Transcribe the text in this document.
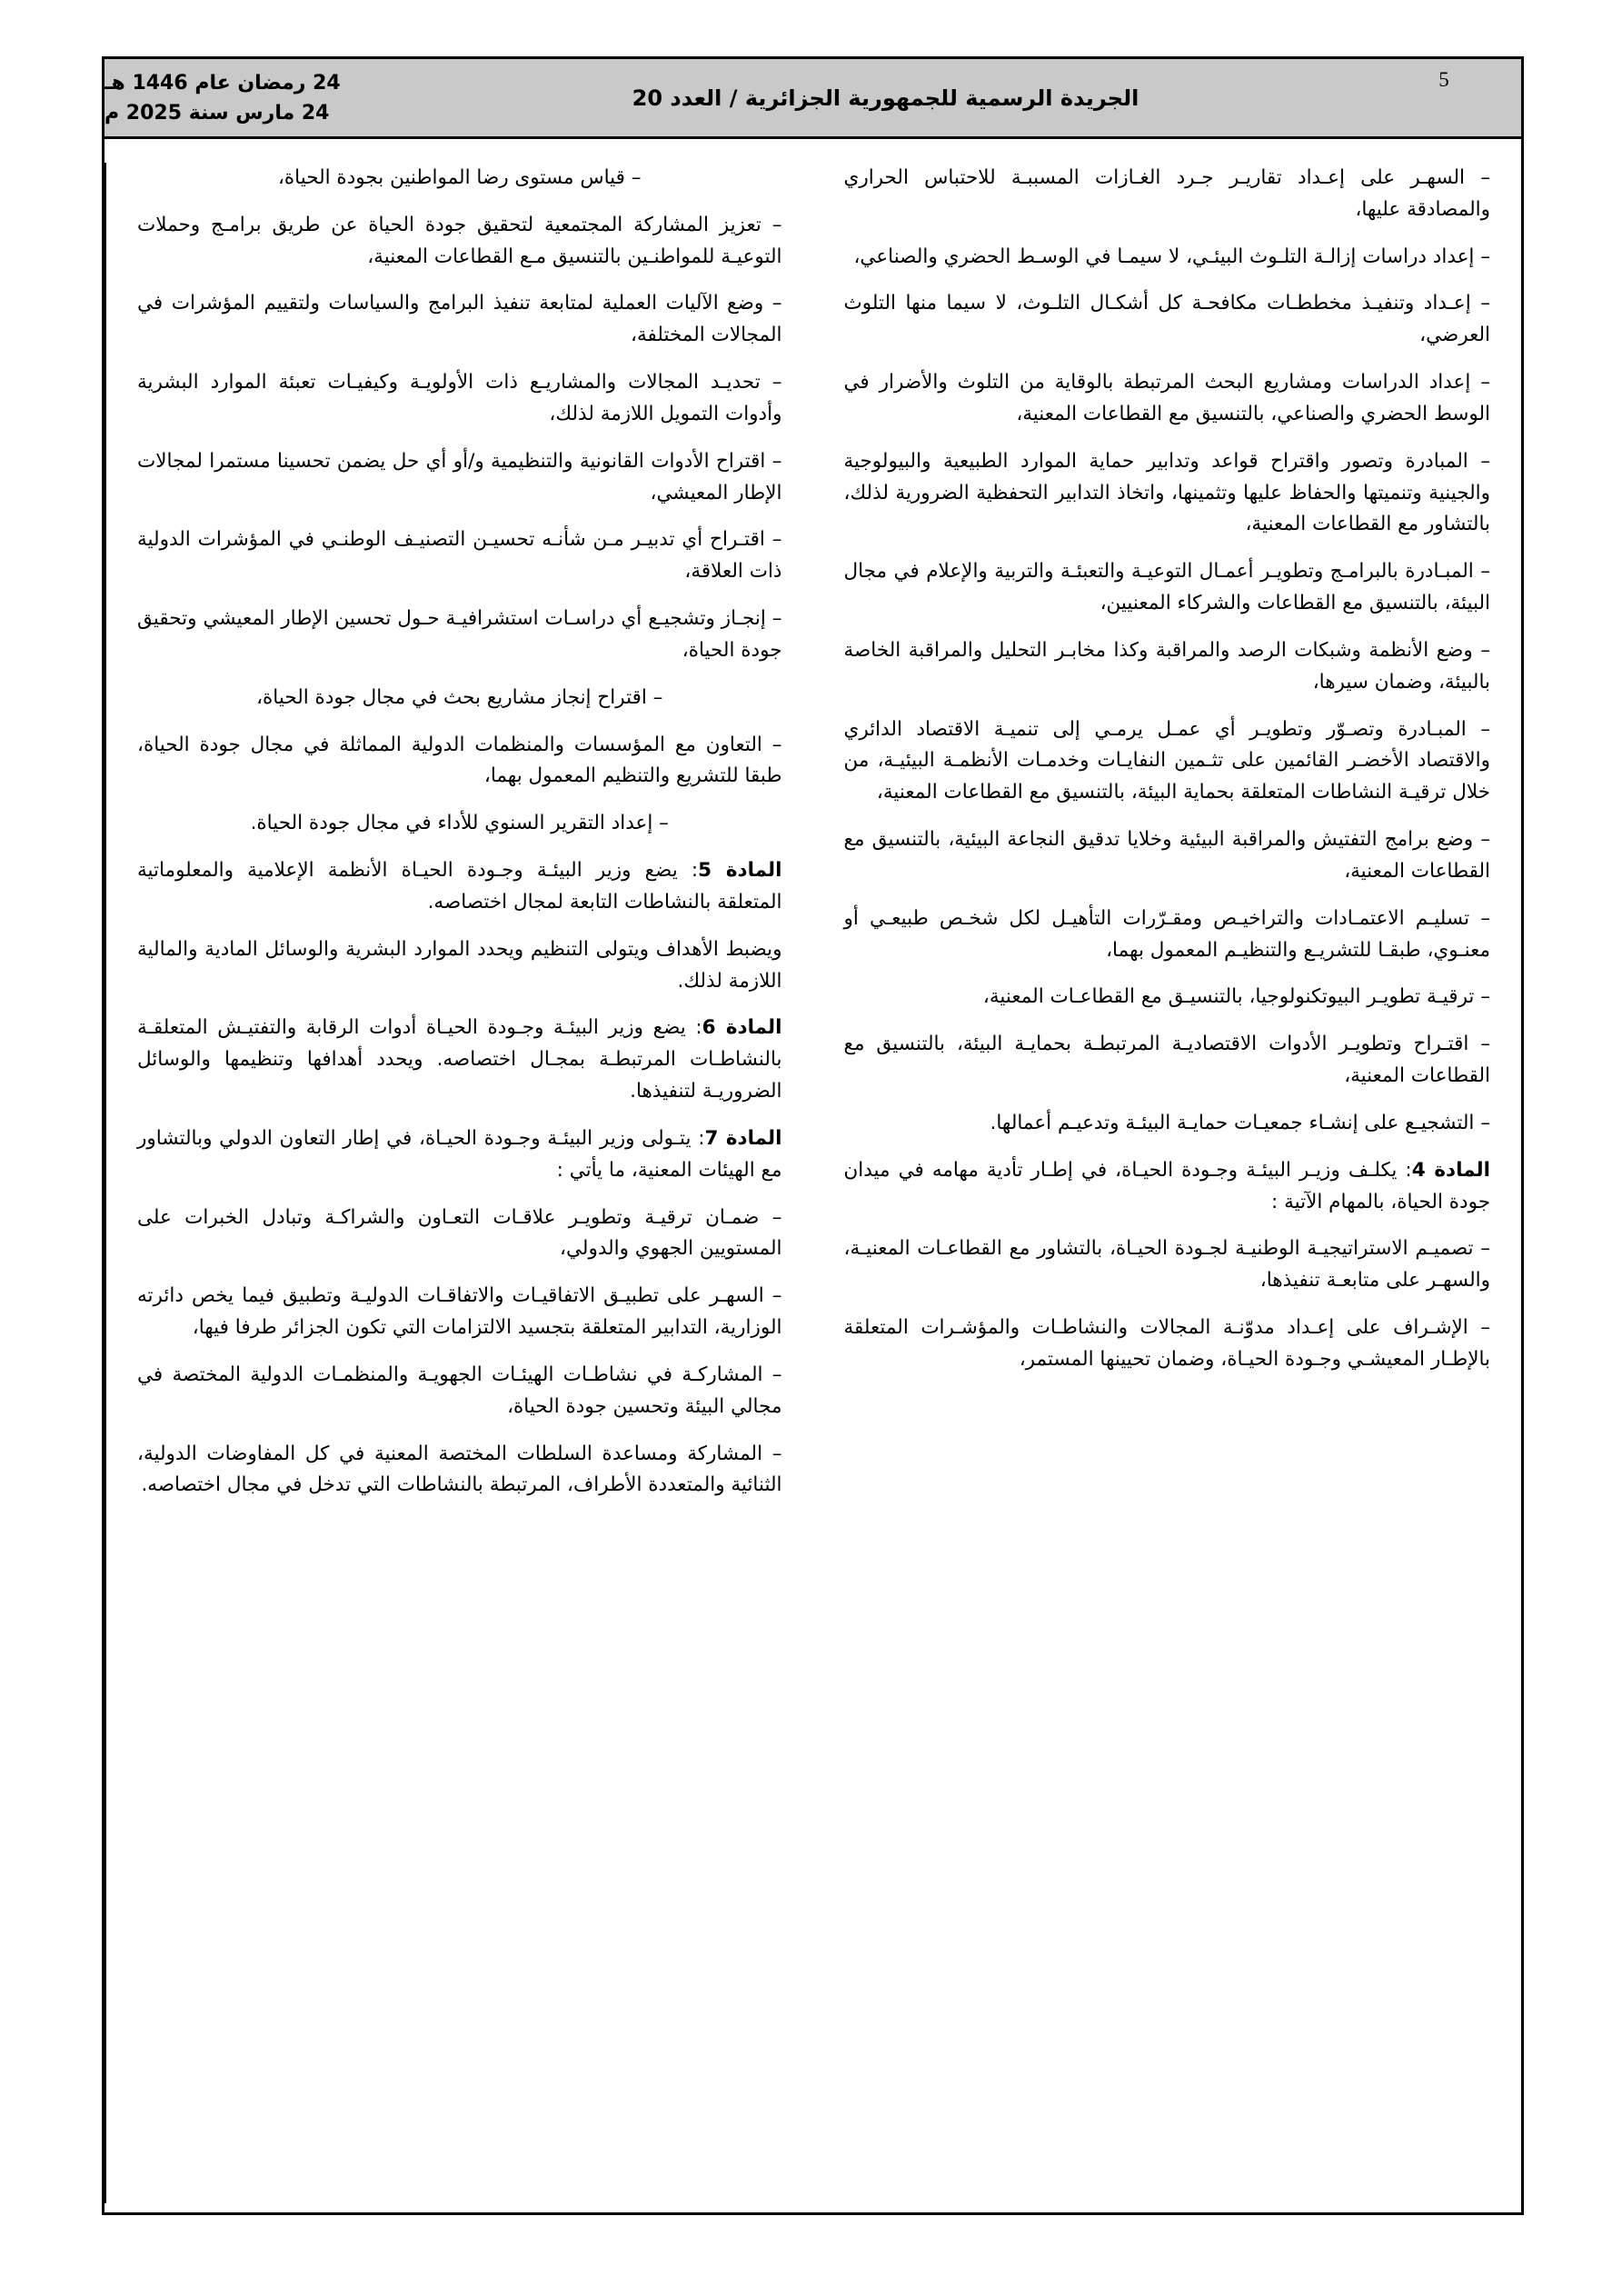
5
الجريدة الرسمية للجمهورية الجزائرية / العدد 20
24 رمضان عام 1446 هـ
24 مارس سنة 2025 م

– السهـر على إعـداد تقاريـر جـرد الغـازات المسببـة للاحتباس الحراري والمصادقة عليها،

– إعداد دراسات إزالـة التلـوث البيئـي، لا سيمـا في الوسـط الحضري والصناعي،

– إعـداد وتنفيـذ مخططـات مكافحـة كل أشكـال التلـوث، لا سيما منها التلوث العرضي،

– إعداد الدراسات ومشاريع البحث المرتبطة بالوقاية من التلوث والأضرار في الوسط الحضري والصناعي، بالتنسيق مع القطاعات المعنية،

– المبادرة وتصور واقتراح قواعد وتدابير حماية الموارد الطبيعية والبيولوجية والجينية وتنميتها والحفاظ عليها وتثمينها، واتخاذ التدابير التحفظية الضرورية لذلك، بالتشاور مع القطاعات المعنية،

– المبـادرة بالبرامـج وتطويـر أعمـال التوعيـة والتعبئـة والتربية والإعلام في مجال البيئة، بالتنسيق مع القطاعات والشركاء المعنيين،

– وضع الأنظمة وشبكات الرصد والمراقبة وكذا مخابـر التحليل والمراقبة الخاصة بالبيئة، وضمان سيرها،

– المبـادرة وتصـوّر وتطويـر أي عمـل يرمـي إلى تنميـة الاقتصاد الدائري والاقتصاد الأخضـر القائمين على تثـمين النفايـات وخدمـات الأنظمـة البيئيـة، من خلال ترقيـة النشاطات المتعلقة بحماية البيئة، بالتنسيق مع القطاعات المعنية،

– وضع برامج التفتيش والمراقبة البيئية وخلايا تدقيق النجاعة البيئية، بالتنسيق مع القطاعات المعنية،

– تسليـم الاعتمـادات والتراخيـص ومقـرّرات التأهيـل لكل شخـص طبيعـي أو معنـوي، طبقـا للتشريـع والتنظيـم المعمول بهما،

– ترقيـة تطويـر البيوتكنولوجيا، بالتنسيـق مع القطاعـات المعنية،

– اقتـراح وتطويـر الأدوات الاقتصاديـة المرتبطـة بحمايـة البيئة، بالتنسيق مع القطاعات المعنية،

– التشجيـع على إنشـاء جمعيـات حمايـة البيئـة وتدعيـم أعمالها.

المادة 4: يكلـف وزيـر البيئـة وجـودة الحيـاة، في إطـار تأدية مهامه في ميدان جودة الحياة، بالمهام الآتية :

– تصميـم الاستراتيجيـة الوطنيـة لجـودة الحيـاة، بالتشاور مع القطاعـات المعنيـة، والسهـر على متابعـة تنفيذها،

– الإشـراف على إعـداد مدوّنـة المجالات والنشاطـات والمؤشـرات المتعلقة بالإطـار المعيشـي وجـودة الحيـاة، وضمان تحيينها المستمر،

– قياس مستوى رضا المواطنين بجودة الحياة،

– تعزيز المشاركة المجتمعية لتحقيق جودة الحياة عن طريق برامـج وحملات التوعيـة للمواطنـين بالتنسيق مـع القطاعات المعنية،

– وضع الآليات العملية لمتابعة تنفيذ البرامج والسياسات ولتقييم المؤشرات في المجالات المختلفة،

– تحديـد المجالات والمشاريـع ذات الأولويـة وكيفيـات تعبئة الموارد البشرية وأدوات التمويل اللازمة لذلك،

– اقتراح الأدوات القانونية والتنظيمية و/أو أي حل يضمن تحسينا مستمرا لمجالات الإطار المعيشي،

– اقتـراح أي تدبيـر مـن شأنـه تحسيـن التصنيـف الوطنـي في المؤشرات الدولية ذات العلاقة،

– إنجـاز وتشجيـع أي دراسـات استشرافيـة حـول تحسين الإطار المعيشي وتحقيق جودة الحياة،

– اقتراح إنجاز مشاريع بحث في مجال جودة الحياة،

– التعاون مع المؤسسات والمنظمات الدولية المماثلة في مجال جودة الحياة، طبقا للتشريع والتنظيم المعمول بهما،

– إعداد التقرير السنوي للأداء في مجال جودة الحياة.

المادة 5: يضع وزير البيئـة وجـودة الحيـاة الأنظمة الإعلامية والمعلوماتية المتعلقة بالنشاطات التابعة لمجال اختصاصه.

ويضبط الأهداف ويتولى التنظيم ويحدد الموارد البشرية والوسائل المادية والمالية اللازمة لذلك.

المادة 6: يضع وزير البيئـة وجـودة الحيـاة أدوات الرقابة والتفتيـش المتعلقـة بالنشاطـات المرتبطـة بمجـال اختصاصه. ويحدد أهدافها وتنظيمها والوسائل الضروريـة لتنفيذها.

المادة 7: يتـولى وزير البيئـة وجـودة الحيـاة، في إطار التعاون الدولي وبالتشاور مع الهيئات المعنية، ما يأتي :

– ضمـان ترقيـة وتطويـر علاقـات التعـاون والشراكـة وتبادل الخبرات على المستويين الجهوي والدولي،

– السهـر على تطبيـق الاتفاقيـات والاتفاقـات الدوليـة وتطبيق فيما يخص دائرته الوزارية، التدابير المتعلقة بتجسيد الالتزامات التي تكون الجزائر طرفا فيها،

– المشاركـة في نشاطـات الهيئـات الجهويـة والمنظمـات الدولية المختصة في مجالي البيئة وتحسين جودة الحياة،

– المشاركة ومساعدة السلطات المختصة المعنية في كل المفاوضات الدولية، الثنائية والمتعددة الأطراف، المرتبطة بالنشاطات التي تدخل في مجال اختصاصه.
